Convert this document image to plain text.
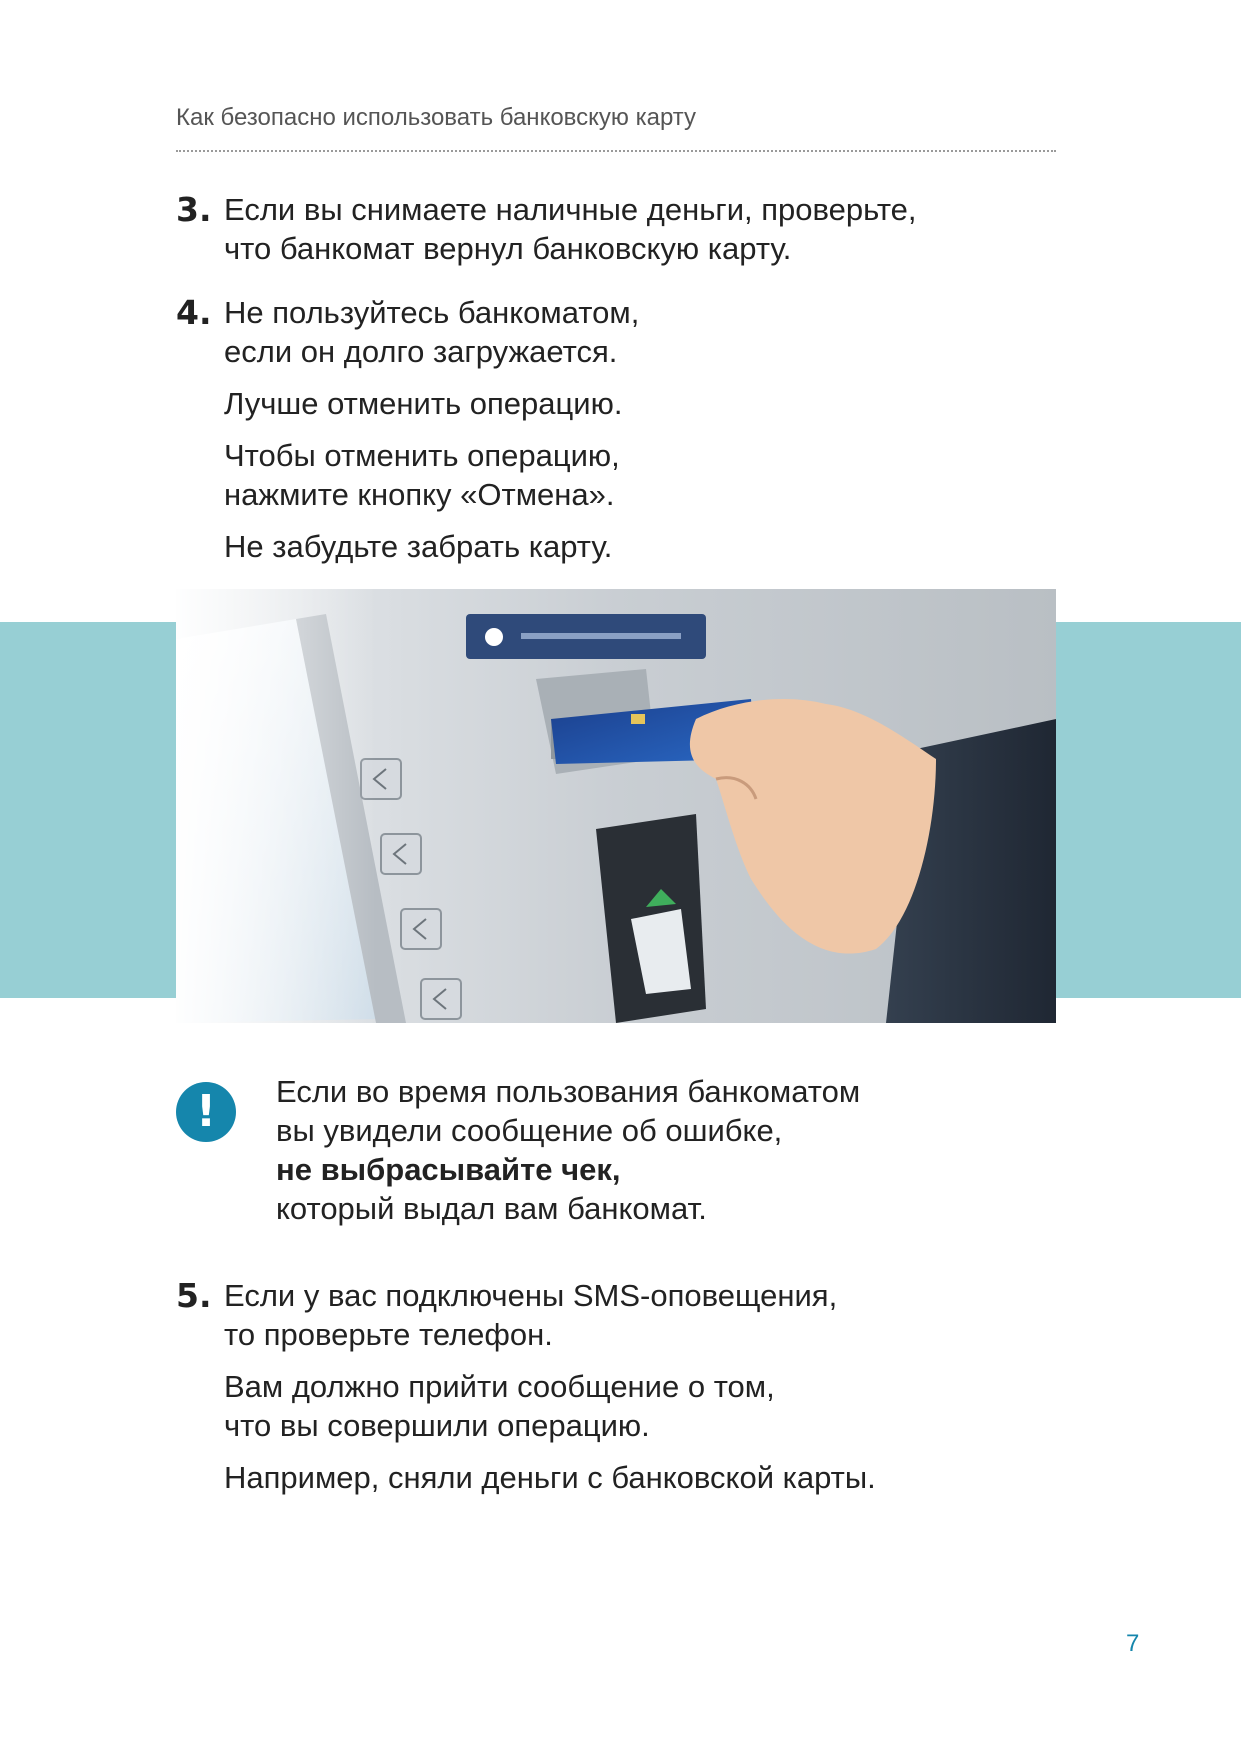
Как безопасно использовать банковскую карту
3. Если вы снимаете наличные деньги, проверьте,
что банкомат вернул банковскую карту.

4. Не пользуйтесь банкоматом,
если он долго загружается.

Лучше отменить операцию.

Чтобы отменить операцию,
нажмите кнопку «Отмена».

Не забудьте забрать карту.

!	Если во время пользования банкоматом

вы увидели сообщение об ошибке,

не выбрасывайте чек,

который выдал вам банкомат.

5. Если у вас подключены SMS-оповещения,
то проверьте телефон.

Вам должно прийти сообщение о том,
что вы совершили операцию.

Например, сняли деньги с банковской карты.

7
